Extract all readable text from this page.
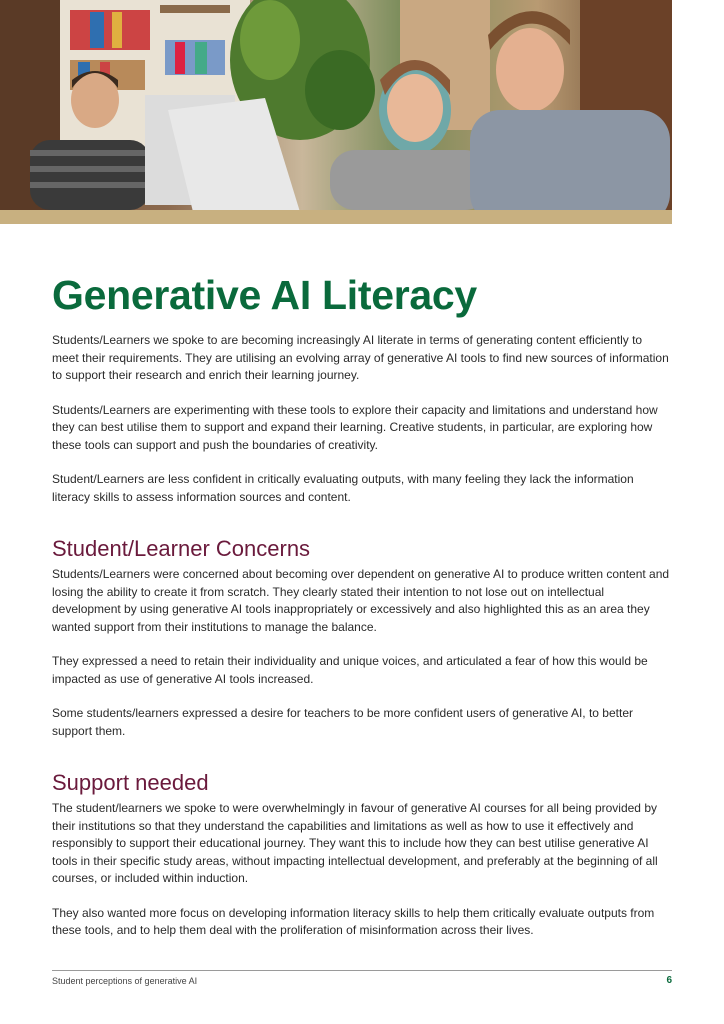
Generative AI Literacy

Students/Learners we spoke to are becoming increasingly AI literate in terms of generating content efficiently to meet their requirements. They are utilising an evolving array of generative AI tools to find new sources of information to support their research and enrich their learning journey.

Students/Learners are experimenting with these tools to explore their capacity and limitations and understand how they can best utilise them to support and expand their learning. Creative students, in particular, are exploring how these tools can support and push the boundaries of creativity.

Student/Learners are less confident in critically evaluating outputs, with many feeling they lack the information literacy skills to assess information sources and content.

Student/Learner Concerns

Students/Learners were concerned about becoming over dependent on generative AI to produce written content and losing the ability to create it from scratch. They clearly stated their intention to not lose out on intellectual development by using generative AI tools inappropriately or excessively and also highlighted this as an area they wanted support from their institutions to manage the balance.

They expressed a need to retain their individuality and unique voices, and articulated a fear of how this would be impacted as use of generative AI tools increased.

Some students/learners expressed a desire for teachers to be more confident users of generative AI, to better support them.

Support needed

The student/learners we spoke to were overwhelmingly in favour of generative AI courses for all being provided by their institutions so that they understand the capabilities and limitations as well as how to use it effectively and responsibly to support their educational journey. They want this to include how they can best utilise generative AI tools in their specific study areas, without impacting intellectual development, and preferably at the beginning of all courses, or included within induction.

They also wanted more focus on developing information literacy skills to help them critically evaluate outputs from these tools, and to help them deal with the proliferation of misinformation across their lives.

Student perceptions of generative AI	6
